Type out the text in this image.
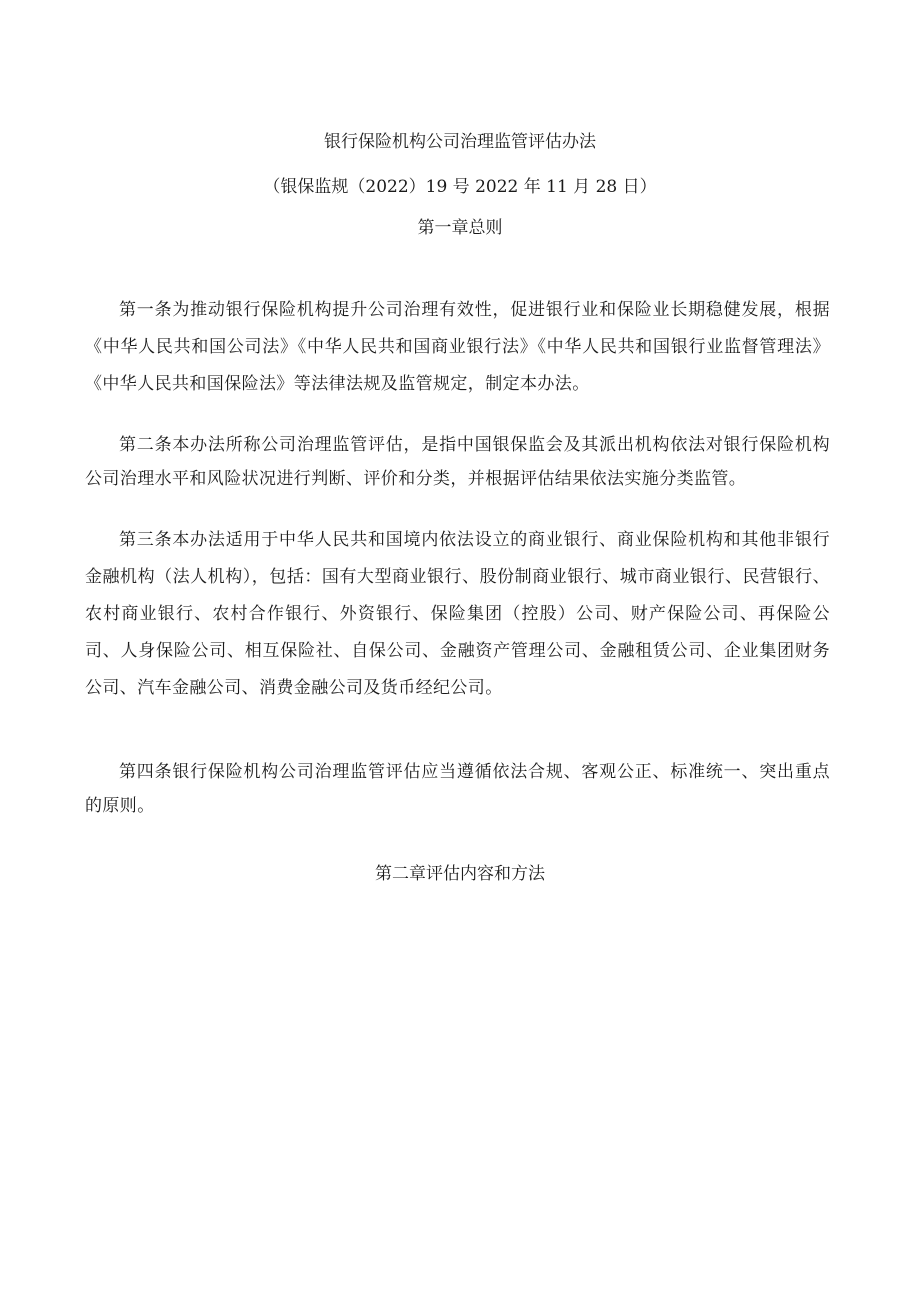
银行保险机构公司治理监管评估办法
（银保监规（2022）19 号 2022 年 11 月 28 日）
第一章总则
第一条为推动银行保险机构提升公司治理有效性，促进银行业和保险业长期稳健发展，根据《中华人民共和国公司法》《中华人民共和国商业银行法》《中华人民共和国银行业监督管理法》《中华人民共和国保险法》等法律法规及监管规定，制定本办法。
第二条本办法所称公司治理监管评估，是指中国银保监会及其派出机构依法对银行保险机构公司治理水平和风险状况进行判断、评价和分类，并根据评估结果依法实施分类监管。
第三条本办法适用于中华人民共和国境内依法设立的商业银行、商业保险机构和其他非银行金融机构（法人机构），包括：国有大型商业银行、股份制商业银行、城市商业银行、民营银行、农村商业银行、农村合作银行、外资银行、保险集团（控股）公司、财产保险公司、再保险公司、人身保险公司、相互保险社、自保公司、金融资产管理公司、金融租赁公司、企业集团财务公司、汽车金融公司、消费金融公司及货币经纪公司。
第四条银行保险机构公司治理监管评估应当遵循依法合规、客观公正、标准统一、突出重点的原则。
第二章评估内容和方法
